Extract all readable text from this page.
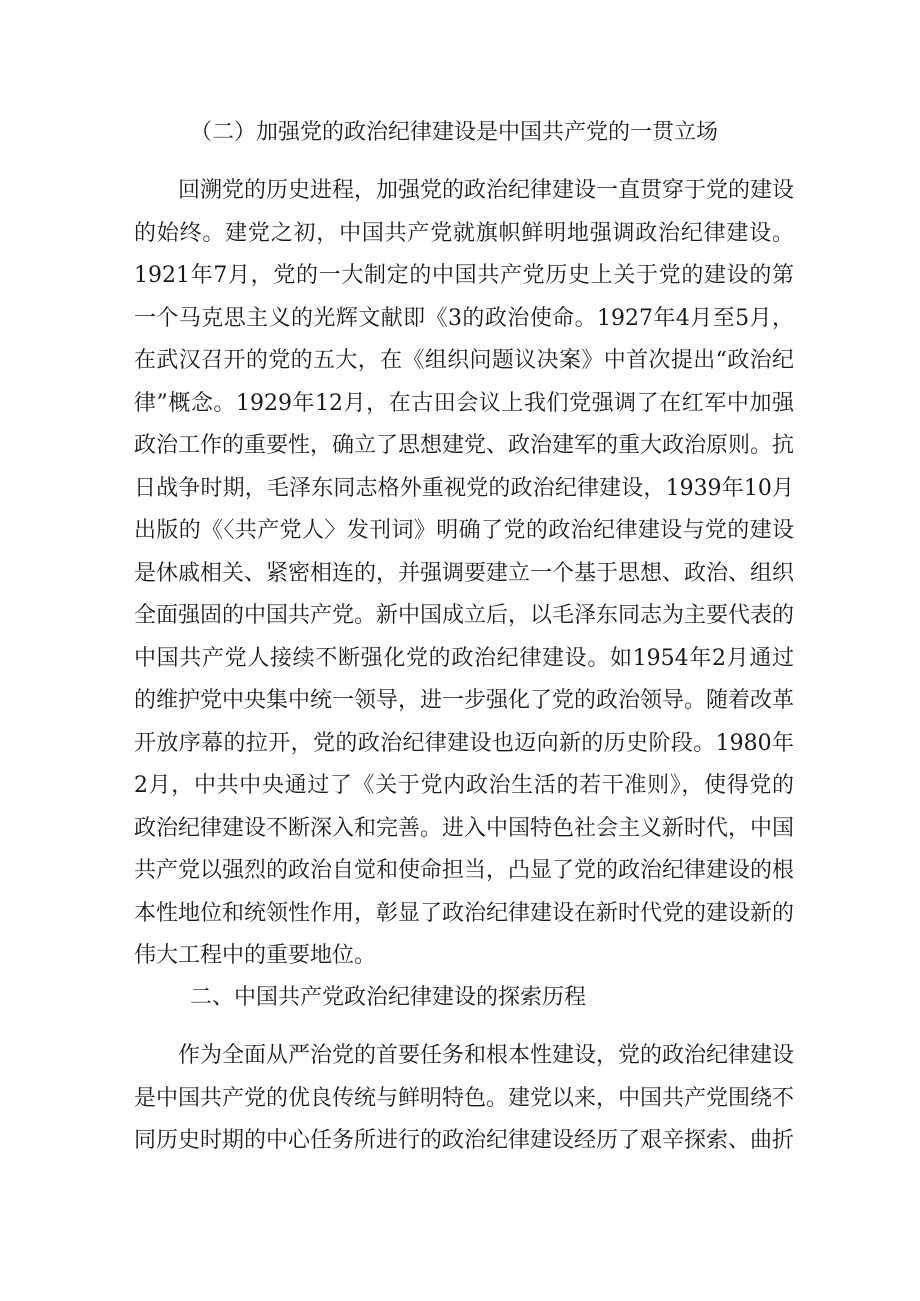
（二）加强党的政治纪律建设是中国共产党的一贯立场

回溯党的历史进程，加强党的政治纪律建设一直贯穿于党的建设的始终。建党之初，中国共产党就旗帜鲜明地强调政治纪律建设。1921年7月，党的一大制定的中国共产党历史上关于党的建设的第一个马克思主义的光辉文献即《3的政治使命。1927年4月至5月，在武汉召开的党的五大，在《组织问题议决案》中首次提出“政治纪律”概念。1929年12月，在古田会议上我们党强调了在红军中加强政治工作的重要性，确立了思想建党、政治建军的重大政治原则。抗日战争时期，毛泽东同志格外重视党的政治纪律建设，1939年10月出版的《〈共产党人〉发刊词》明确了党的政治纪律建设与党的建设是休戚相关、紧密相连的，并强调要建立一个基于思想、政治、组织全面强固的中国共产党。新中国成立后，以毛泽东同志为主要代表的中国共产党人接续不断强化党的政治纪律建设。如1954年2月通过的维护党中央集中统一领导，进一步强化了党的政治领导。随着改革开放序幕的拉开，党的政治纪律建设也迈向新的历史阶段。1980年2月，中共中央通过了《关于党内政治生活的若干准则》，使得党的政治纪律建设不断深入和完善。进入中国特色社会主义新时代，中国共产党以强烈的政治自觉和使命担当，凸显了党的政治纪律建设的根本性地位和统领性作用，彰显了政治纪律建设在新时代党的建设新的伟大工程中的重要地位。

二、中国共产党政治纪律建设的探索历程

作为全面从严治党的首要任务和根本性建设，党的政治纪律建设是中国共产党的优良传统与鲜明特色。建党以来，中国共产党围绕不同历史时期的中心任务所进行的政治纪律建设经历了艰辛探索、曲折
